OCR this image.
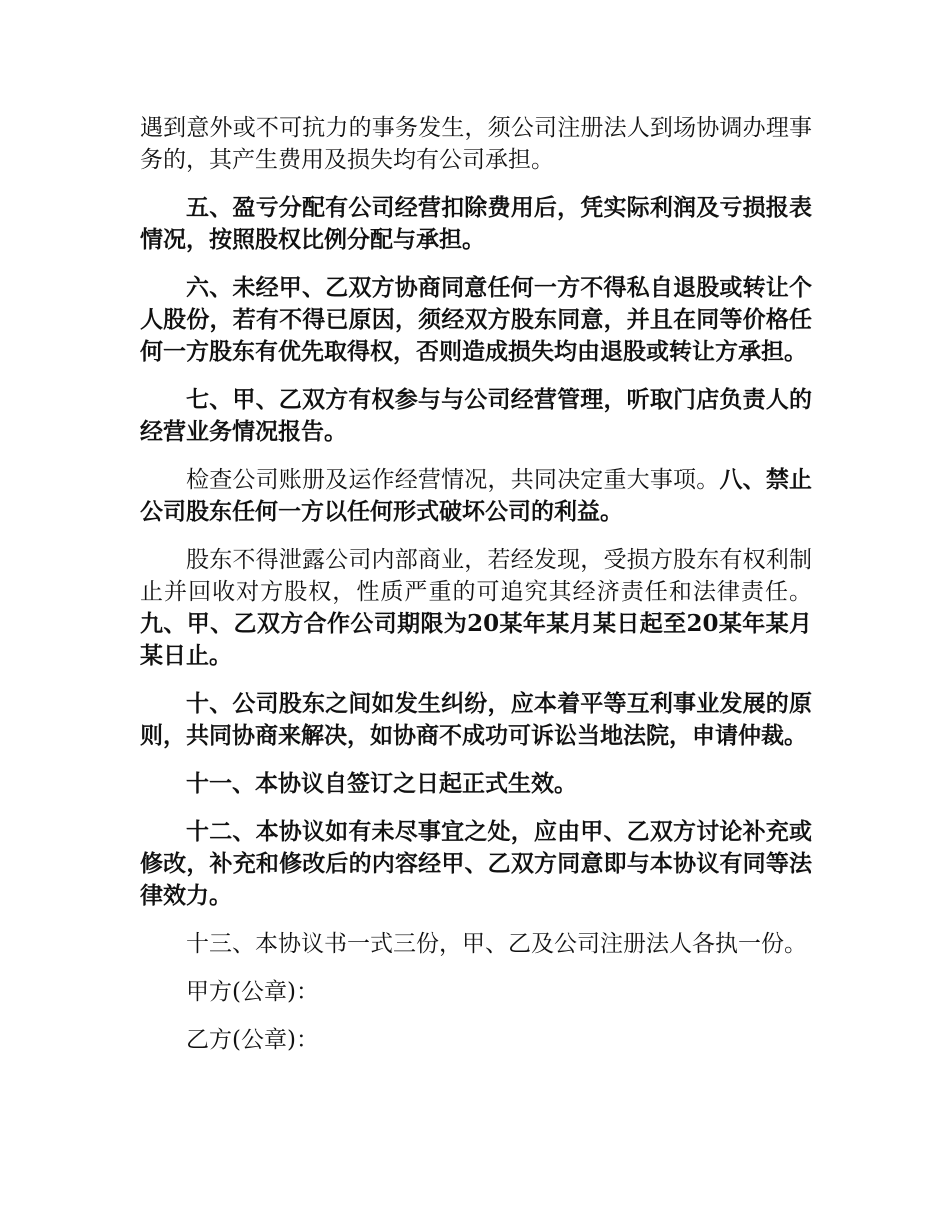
遇到意外或不可抗力的事务发生，须公司注册法人到场协调办理事务的，其产生费用及损失均有公司承担。

五、盈亏分配有公司经营扣除费用后，凭实际利润及亏损报表情况，按照股权比例分配与承担。

六、未经甲、乙双方协商同意任何一方不得私自退股或转让个人股份，若有不得已原因，须经双方股东同意，并且在同等价格任何一方股东有优先取得权，否则造成损失均由退股或转让方承担。

七、甲、乙双方有权参与与公司经营管理，听取门店负责人的经营业务情况报告。

检查公司账册及运作经营情况，共同决定重大事项。八、禁止公司股东任何一方以任何形式破坏公司的利益。

股东不得泄露公司内部商业，若经发现，受损方股东有权利制止并回收对方股权，性质严重的可追究其经济责任和法律责任。九、甲、乙双方合作公司期限为20某年某月某日起至20某年某月某日止。

十、公司股东之间如发生纠纷，应本着平等互利事业发展的原则，共同协商来解决，如协商不成功可诉讼当地法院，申请仲裁。

十一、本协议自签订之日起正式生效。

十二、本协议如有未尽事宜之处，应由甲、乙双方讨论补充或修改，补充和修改后的内容经甲、乙双方同意即与本协议有同等法律效力。

十三、本协议书一式三份，甲、乙及公司注册法人各执一份。

甲方(公章)：

乙方(公章)：
